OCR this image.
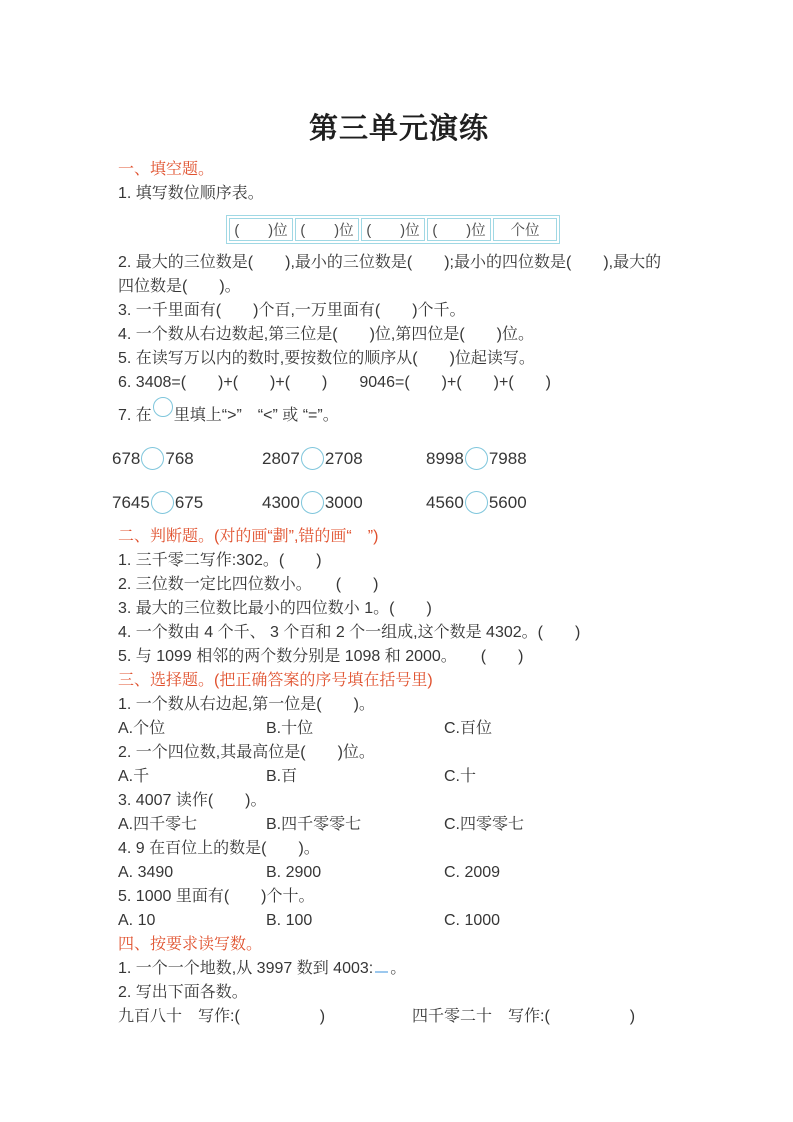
第三单元演练
一、填空题。
1. 填写数位顺序表。
(　　)位	(　　)位	(　　)位	(　　)位	个位
2. 最大的三位数是(　　),最小的三位数是(　　);最小的四位数是(　　),最大的
四位数是(　　)。
3. 一千里面有(　　)个百,一万里面有(　　)个千。
4. 一个数从右边数起,第三位是(　　)位,第四位是(　　)位。
5. 在读写万以内的数时,要按数位的顺序从(　　)位起读写。
6. 3408=(　　)+(　　)+(　　)　　9046=(　　)+(　　)+(　　)
7. 在 里填上“>”　“<” 或 “=”。
678 768	2807 2708	8998 7988
7645 675	4300 3000	4560 5600
二、判断题。(对的画“劃”,错的画“　”)
1. 三千零二写作:302。(　　)
2. 三位数一定比四位数小。　　(　　)
3. 最大的三位数比最小的四位数小 1。(　　)
4. 一个数由 4 个千、 3 个百和 2 个一组成,这个数是 4302。(　　)
5. 与 1099 相邻的两个数分别是 1098 和 2000。　　(　　)
三、选择题。(把正确答案的序号填在括号里)
1. 一个数从右边起,第一位是(　　)。
A.个位	B.十位	C.百位
2. 一个四位数,其最高位是(　　)位。
A.千	B.百	C.十
3. 4007 读作(　　)。
A.四千零七	B.四千零零七	C.四零零七
4. 9 在百位上的数是(　　)。
A. 3490	B. 2900	C. 2009
5. 1000 里面有(　　)个十。
A. 10	B. 100	C. 1000
四、按要求读写数。
1. 一个一个地数,从 3997 数到 4003: 。
2. 写出下面各数。
九百八十　写作:(　　　　　)	四千零二十　写作:(　　　　　)
